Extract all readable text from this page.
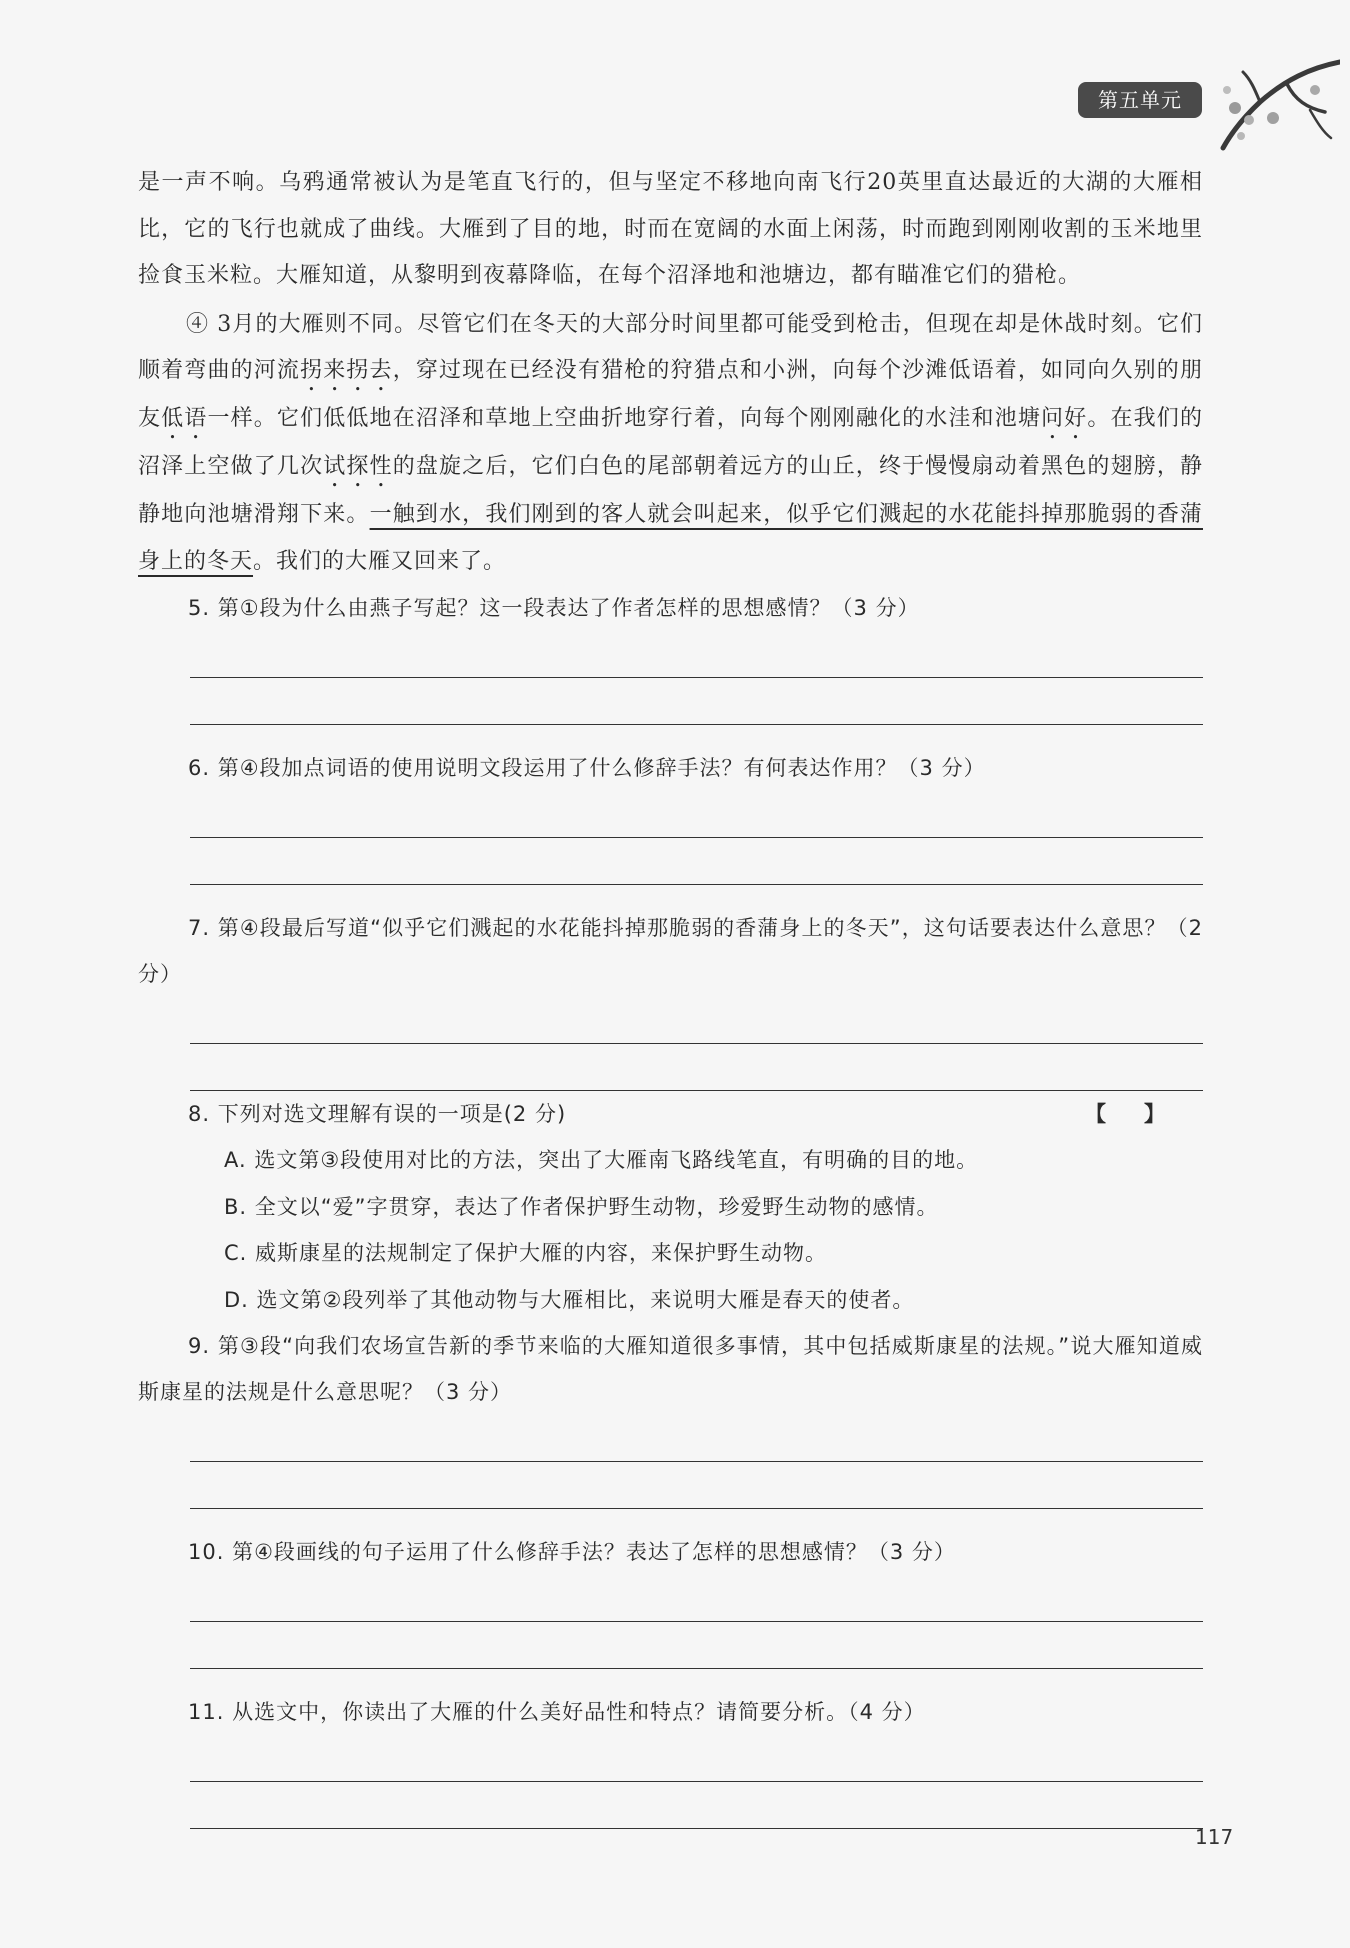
第五单元

是一声不响。乌鸦通常被认为是笔直飞行的，但与坚定不移地向南飞行20英里直达最近的大湖的大雁相比，它的飞行也就成了曲线。大雁到了目的地，时而在宽阔的水面上闲荡，时而跑到刚刚收割的玉米地里捡食玉米粒。大雁知道，从黎明到夜幕降临，在每个沼泽地和池塘边，都有瞄准它们的猎枪。

④ 3月的大雁则不同。尽管它们在冬天的大部分时间里都可能受到枪击，但现在却是休战时刻。它们顺着弯曲的河流拐来拐去，穿过现在已经没有猎枪的狩猎点和小洲，向每个沙滩低语着，如同向久别的朋友低语一样。它们低低地在沼泽和草地上空曲折地穿行着，向每个刚刚融化的水洼和池塘问好。在我们的沼泽上空做了几次试探性的盘旋之后，它们白色的尾部朝着远方的山丘，终于慢慢扇动着黑色的翅膀，静静地向池塘滑翔下来。一触到水，我们刚到的客人就会叫起来，似乎它们溅起的水花能抖掉那脆弱的香蒲身上的冬天。我们的大雁又回来了。

5. 第①段为什么由燕子写起？这一段表达了作者怎样的思想感情？（3 分）

6. 第④段加点词语的使用说明文段运用了什么修辞手法？有何表达作用？（3 分）

7. 第④段最后写道“似乎它们溅起的水花能抖掉那脆弱的香蒲身上的冬天”，这句话要表达什么意思？（2 分）

【】
8. 下列对选文理解有误的一项是(2 分)

A. 选文第③段使用对比的方法，突出了大雁南飞路线笔直，有明确的目的地。
B. 全文以“爱”字贯穿，表达了作者保护野生动物，珍爱野生动物的感情。
C. 威斯康星的法规制定了保护大雁的内容，来保护野生动物。
D. 选文第②段列举了其他动物与大雁相比，来说明大雁是春天的使者。

9. 第③段“向我们农场宣告新的季节来临的大雁知道很多事情，其中包括威斯康星的法规。”说大雁知道威斯康星的法规是什么意思呢？（3 分）

10. 第④段画线的句子运用了什么修辞手法？表达了怎样的思想感情？（3 分）

11. 从选文中，你读出了大雁的什么美好品性和特点？请简要分析。（4 分）

117
